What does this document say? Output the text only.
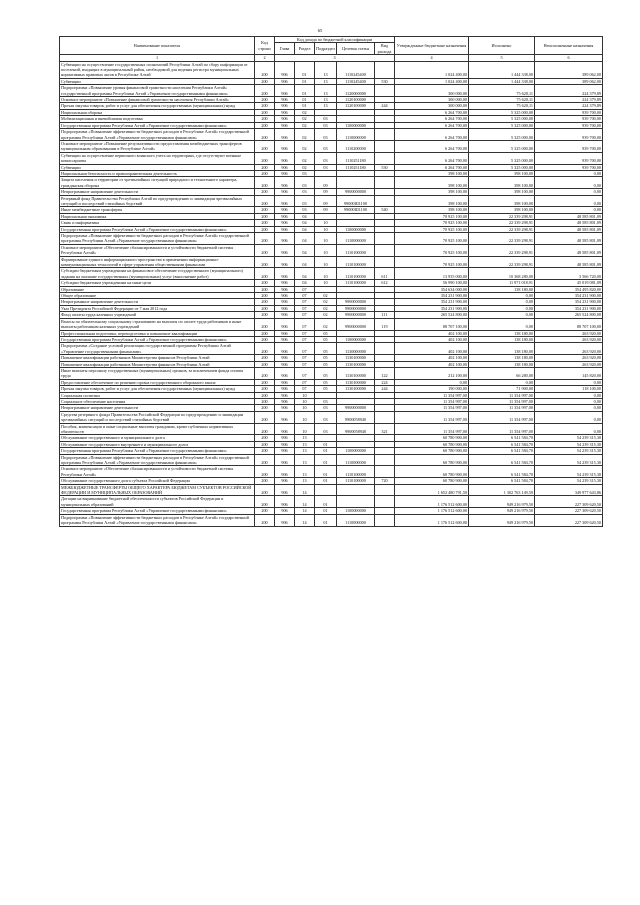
65
Наименование показателя	Код строки	Код дохода по бюджетной классификации					Утвержденные бюджетные назначения	Исполнено	Неисполненные назначения
		Глава	Раздел	Подраздел	Целевая статья	Вид расхода			
1	2	3					4	5	6
Субвенции на осуществление государственных полномочий Республики Алтай по сбору информации от поселений, входящих в муниципальный район, необходимой для ведения регистра муниципальных нормативных правовых актов в Республике Алтай	200	906	01	13	1110245400		1 024 400,00	1 444 338,00	389 062,00
Субвенции	200	906	01	13	1110245400	530	1 024 400,00	1 444 338,00	389 062,00
Подпрограмма «Повышение уровня финансовой грамотности населения Республики Алтай» государственной программы Республики Алтай «Управление государственными финансами»	200	906	01	13	1120000000		300 000,00	75 620,11	224 379,89
Основное мероприятие «Повышение финансовой грамотности населения Республики Алтай»	200	906	01	13	1120100000		300 000,00	75 620,11	224 379,89
Прочая закупка товаров, работ и услуг для обеспечения государственных (муниципальных) нужд	200	906	01	13	1120100000	244	300 000,00	75 620,11	224 379,89
Национальная оборона	200	906	02				6 264 700,00	5 325 000,00	939 700,00
Мобилизационная и вневойсковая подготовка	200	906	02	03			6 264 700,00	5 325 000,00	939 700,00
Государственная программа Республики Алтай «Управление государственными финансами»	200	906	02	03	1100000000		6 264 700,00	5 325 000,00	939 700,00
Подпрограмма «Повышение эффективности бюджетных расходов в Республике Алтай» государственной программы Республики Алтай «Управление государственными финансами»	200	906	02	03	1110000000		6 264 700,00	5 325 000,00	939 700,00
Основное мероприятие «Повышение результативности предоставления межбюджетных трансфертов муниципальным образованиям в Республике Алтай»	200	906	02	03	1110200000		6 264 700,00	5 325 000,00	939 700,00
Субвенции на осуществление первичного воинского учета на территориях, где отсутствуют военные комиссариаты	200	906	02	03	1110251180		6 264 700,00	5 325 000,00	939 700,00
Субвенции	200	906	02	03	1110251180	530	6 264 700,00	5 325 000,00	939 700,00
Национальная безопасность и правоохранительная деятельность	200	906	03				398 100,00	398 100,00	0,00
Защита населения и территории от чрезвычайных ситуаций природного и техногенного характера, гражданская оборона	200	906	03	09			398 100,00	398 100,00	0,00
Непрограммное направление деятельности	200	906	03	09	9900000000		398 100,00	398 100,00	0,00
Резервный фонд Правительства Республики Алтай по предупреждению и ликвидации чрезвычайных ситуаций и последствий стихийных бедствий	200	906	03	09	99000Ш1100		398 100,00	398 100,00	0,00
Иные межбюджетные трансферты	200	906	03	09	99000Ш1100	540	398 100,00	398 100,00	0,00
Национальная экономика	200	906	04				70 925 100,00	22 339 298,91	48 585 801,09
Связь и информатика	200	906	04	10			70 925 100,00	22 339 298,91	48 585 801,09
Государственная программа Республики Алтай «Управление государственными финансами»	200	906	04	10	1100000000		70 925 100,00	22 339 298,91	48 585 801,09
Подпрограмма «Повышение эффективности бюджетных расходов в Республике Алтай» государственной программы Республики Алтай «Управление государственными финансами»	200	906	04	10	1110000000		70 925 100,00	22 339 298,91	48 585 801,09
Основное мероприятие «Обеспечение сбалансированности и устойчивости бюджетной системы Республики Алтай»	200	906	04	10	1110100000		70 925 100,00	22 339 298,91	48 585 801,09
Формирование единого информационного пространства в применении информационно-коммуникационных технологий в сфере управления общественными финансами	200	906	04	10	1110100000		70 925 100,00	22 339 298,91	48 585 801,09
Субсидии бюджетным учреждениям на финансовое обеспечение государственного (муниципального) задания на оказание государственных (муниципальных) услуг (выполнение работ)	200	906	04	10	1110100000	611	13 935 000,00	10 368 280,00	3 566 720,00
Субсидии бюджетным учреждениям на иные цели	200	906	04	10	1110100000	612	56 990 100,00	11 971 018,91	45 019 081,09
Образование	200	906	07				354 634 000,00	138 180,00	354 495 820,00
Общее образование	200	906	07	02			354 231 900,00	0,00	354 231 900,00
Непрограммное направление деятельности	200	906	07	02	9900000000		354 231 900,00	0,00	354 231 900,00
Указ Президента Российской Федерации от 7 мая 2012 года	200	906	07	02	9900000000		354 231 900,00	0,00	354 231 900,00
Фонд оплаты труда казенных учреждений	200	906	07	02	9900000000	111	265 524 800,00	0,00	265 524 800,00
Взносы по обязательному социальному страхованию на выплаты по оплате труда работников и иные выплаты работникам казенных учреждений	200	906	07	02	9900000000	119	88 707 100,00	0,00	88 707 100,00
Профессиональная подготовка, переподготовка и повышение квалификации	200	906	07	05			402 100,00	138 180,00	263 920,00
Государственная программа Республики Алтай «Управление государственными финансами»	200	906	07	05	1100000000		402 100,00	138 180,00	263 920,00
Подпрограмма «Создание условий реализации государственной программы Республики Алтай «Управление государственными финансами»	200	906	07	05	1130000000		402 100,00	138 180,00	263 920,00
Повышение квалификации работников Министерства финансов Республики Алтай	200	906	07	05	1130100000		402 100,00	138 180,00	263 920,00
Повышение квалификации работников Министерства финансов Республики Алтай	200	906	07	05	1130100000		402 100,00	138 180,00	263 920,00
Иные выплаты персоналу государственных (муниципальных) органов, за исключением фонда оплаты труда	200	906	07	05	1130100000	122	212 100,00	66 280,00	145 820,00
Предоставление обеспечение по решению органа государственного оборонного заказа	200	906	07	05	1130100000	224	0,00	0,00	0,00
Прочая закупка товаров, работ и услуг для обеспечения государственных (муниципальных) нужд	200	906	07	05	1130100000	244	190 000,00	71 900,00	118 100,00
Социальная политика	200	906	10				11 354 997,00	11 354 997,00	0,00
Социальное обеспечение населения	200	906	10	03			11 354 997,00	11 354 997,00	0,00
Непрограммное направление деятельности	200	906	10	03	9900000000		11 354 997,00	11 354 997,00	0,00
Средства резервного фонда Правительства Российской Федерации по предупреждению и ликвидации чрезвычайных ситуаций и последствий стихийных бедствий	200	906	10	03	9900058940		11 354 997,00	11 354 997,00	0,00
Пособия, компенсации и иные социальные выплаты гражданам, кроме публичных нормативных обязательств	200	906	10	03	9900058940	321	11 354 997,00	11 354 997,00	0,00
Обслуживание государственного и муниципального долга	200	906	13				60 780 900,00	6 541 584,70	54 239 315,30
Обслуживание государственного внутреннего и муниципального долга	200	906	13	01			60 780 900,00	6 541 584,70	54 239 315,30
Государственная программа Республики Алтай «Управление государственными финансами»	200	906	13	01	1100000000		60 780 900,00	6 541 584,70	54 239 315,30
Подпрограмма «Повышение эффективности бюджетных расходов в Республике Алтай» государственной программы Республики Алтай «Управление государственными финансами»	200	906	13	01	1110000000		60 780 900,00	6 541 584,70	54 239 315,30
Основное мероприятие «Обеспечение сбалансированности и устойчивости бюджетной системы Республики Алтай»	200	906	13	01	1110100000		60 780 900,00	6 541 584,70	54 239 315,30
Обслуживание государственного долга субъекта Российской Федерации	200	906	13	01	1110100000	720	60 780 900,00	6 541 584,70	54 239 315,30
МЕЖБЮДЖЕТНЫЕ ТРАНСФЕРТЫ ОБЩЕГО ХАРАКТЕРА БЮДЖЕТАМ СУБЪЕКТОВ РОССИЙСКОЙ ФЕДЕРАЦИИ И МУНИЦИПАЛЬНЫХ ОБРАЗОВАНИЙ	200	906	14				1 652 480 791,50	1 302 763 149,50	349 977 643,86
Дотации на выравнивание бюджетной обеспеченности субъектов Российской Федерации и муниципальных образований	200	906	14	01			1 176 512 600,00	949 216 979,50	227 309 620,50
Государственная программа Республики Алтай «Управление государственными финансами»	200	906	14	01	1100000000		1 176 512 600,00	949 216 979,50	227 309 620,50
Подпрограмма «Повышение эффективности бюджетных расходов в Республике Алтай» государственной программы Республики Алтай «Управление государственными финансами»	200	906	14	01	1110000000		1 176 512 600,00	949 216 979,50	227 309 620,50
